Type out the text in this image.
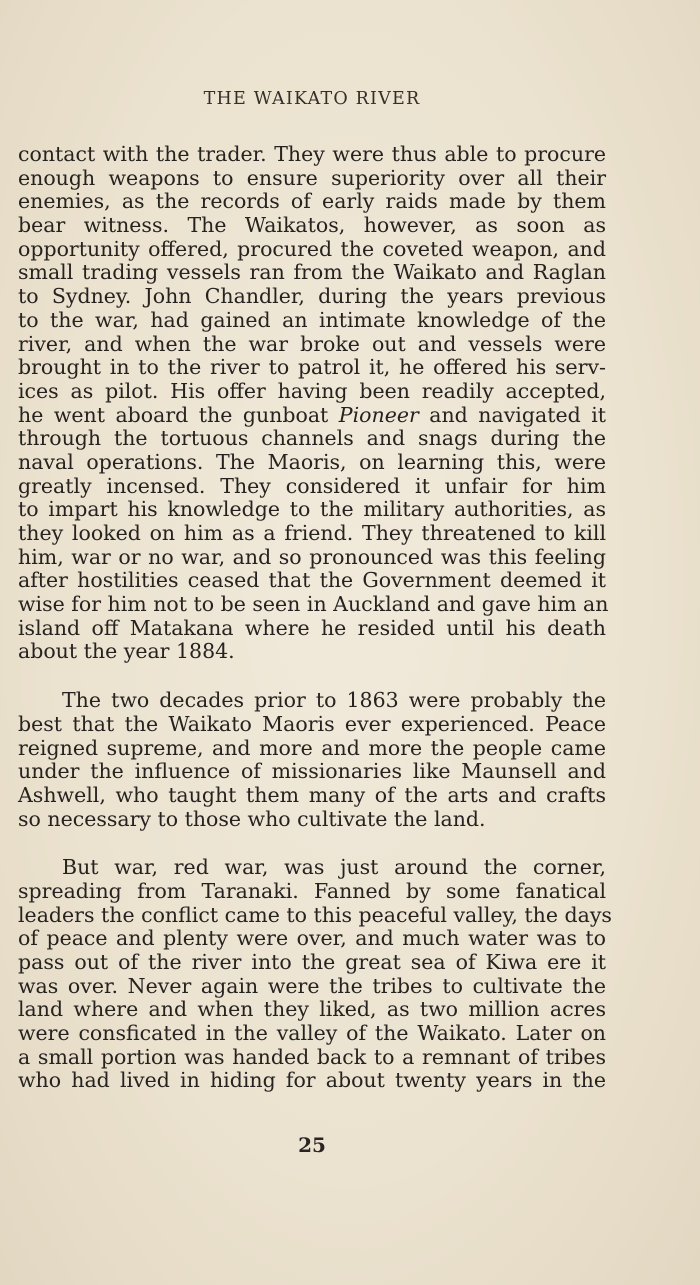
THE WAIKATO RIVER
contact with the trader. They were thus able to procure
enough weapons to ensure superiority over all their
enemies, as the records of early raids made by them
bear witness. The Waikatos, however, as soon as
opportunity offered, procured the coveted weapon, and
small trading vessels ran from the Waikato and Raglan
to Sydney. John Chandler, during the years previous
to the war, had gained an intimate knowledge of the
river, and when the war broke out and vessels were
brought in to the river to patrol it, he offered his serv-
ices as pilot. His offer having been readily accepted,
he went aboard the gunboat Pioneer and navigated it
through the tortuous channels and snags during the
naval operations. The Maoris, on learning this, were
greatly incensed. They considered it unfair for him
to impart his knowledge to the military authorities, as
they looked on him as a friend. They threatened to kill
him, war or no war, and so pronounced was this feeling
after hostilities ceased that the Government deemed it
wise for him not to be seen in Auckland and gave him an
island off Matakana where he resided until his death
about the year 1884.
The two decades prior to 1863 were probably the
best that the Waikato Maoris ever experienced. Peace
reigned supreme, and more and more the people came
under the influence of missionaries like Maunsell and
Ashwell, who taught them many of the arts and crafts
so necessary to those who cultivate the land.
But war, red war, was just around the corner,
spreading from Taranaki. Fanned by some fanatical
leaders the conflict came to this peaceful valley, the days
of peace and plenty were over, and much water was to
pass out of the river into the great sea of Kiwa ere it
was over. Never again were the tribes to cultivate the
land where and when they liked, as two million acres
were consficated in the valley of the Waikato. Later on
a small portion was handed back to a remnant of tribes
who had lived in hiding for about twenty years in the
25
